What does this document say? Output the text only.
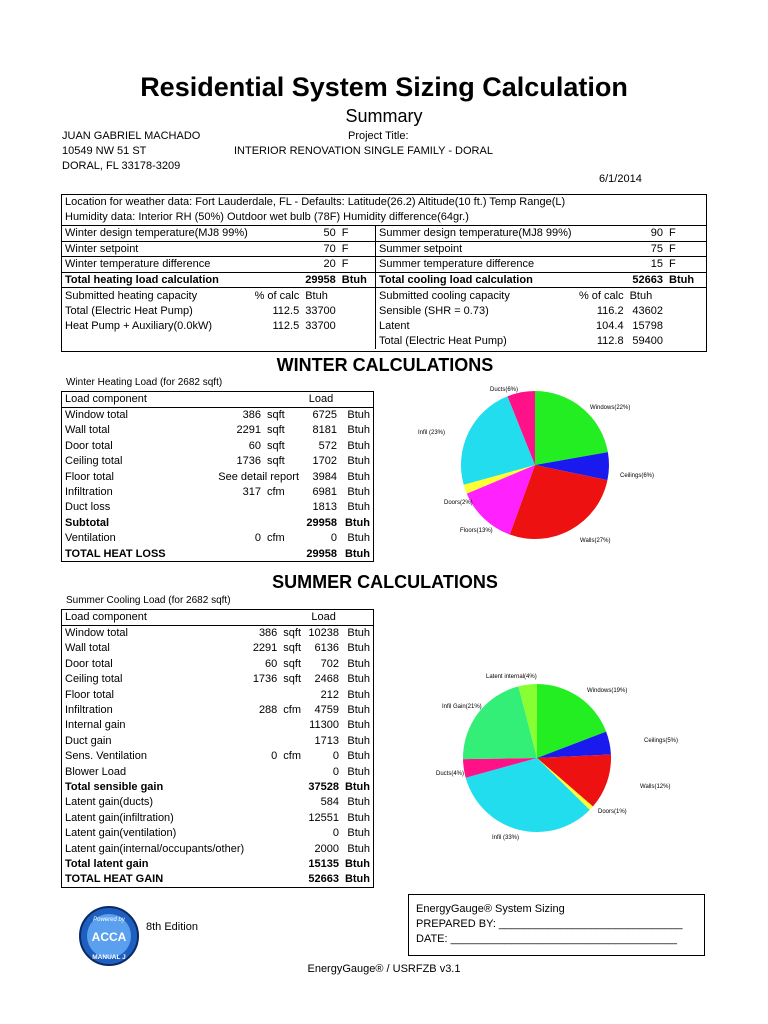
Residential System Sizing Calculation
Summary
JUAN GABRIEL MACHADO
10549 NW 51 ST
DORAL, FL 33178-3209
Project Title:
INTERIOR RENOVATION SINGLE FAMILY - DORAL
6/1/2014
Location for weather data: Fort Lauderdale, FL - Defaults: Latitude(26.2) Altitude(10 ft.) Temp Range(L)
Humidity data: Interior RH (50%) Outdoor wet bulb (78F) Humidity difference(64gr.)
Winter design temperature(MJ8 99%)		50	F
Winter setpoint		70	F
Winter temperature difference		20	F
Total heating load calculation		29958	Btuh
Submitted heating capacity	% of calc	Btuh	
Total (Electric Heat Pump)	112.5	33700	
Heat Pump + Auxiliary(0.0kW)	112.5	33700	

Summer design temperature(MJ8 99%)		90	F
Summer setpoint		75	F
Summer temperature difference		15	F
Total cooling load calculation		52663	Btuh
Submitted cooling capacity	% of calc	Btuh	
Sensible (SHR = 0.73)	116.2	43602	
Latent	104.4	15798	
Total (Electric Heat Pump)	112.8	59400	
WINTER CALCULATIONS
Winter Heating Load (for 2682 sqft)
Load component			Load	
Window total	386	sqft	6725	Btuh
Wall total	2291	sqft	8181	Btuh
Door total	60	sqft	572	Btuh
Ceiling total	1736	sqft	1702	Btuh
Floor total	See detail report		3984	Btuh
Infiltration	317	cfm	6981	Btuh
Duct loss			1813	Btuh
Subtotal			29958	Btuh
Ventilation	0	cfm	0	Btuh
TOTAL HEAT LOSS			29958	Btuh
Windows(22%)
Ceilings(6%)
Walls(27%)
Floors(13%)
Doors(2%)
Infil (23%)
Ducts(6%)
SUMMER CALCULATIONS
Summer Cooling Load (for 2682 sqft)
Load component			Load	
Window total	386	sqft	10238	Btuh
Wall total	2291	sqft	6136	Btuh
Door total	60	sqft	702	Btuh
Ceiling total	1736	sqft	2468	Btuh
Floor total			212	Btuh
Infiltration	288	cfm	4759	Btuh
Internal gain			11300	Btuh
Duct gain			1713	Btuh
Sens. Ventilation	0	cfm	0	Btuh
Blower Load			0	Btuh
Total sensible gain			37528	Btuh
Latent gain(ducts)			584	Btuh
Latent gain(infiltration)			12551	Btuh
Latent gain(ventilation)			0	Btuh
Latent gain(internal/occupants/other)			2000	Btuh
Total latent gain			15135	Btuh
TOTAL HEAT GAIN			52663	Btuh
Windows(19%)
Ceilings(5%)
Walls(12%)
Doors(1%)
Infil (33%)
Ducts(4%)
Infil Gain(21%)
Latent internal(4%)
Powered by
ACCA
MANUAL J
8th Edition
EnergyGauge® System Sizing
PREPARED BY: ______________________________
DATE: _____________________________________
EnergyGauge® / USRFZB v3.1
